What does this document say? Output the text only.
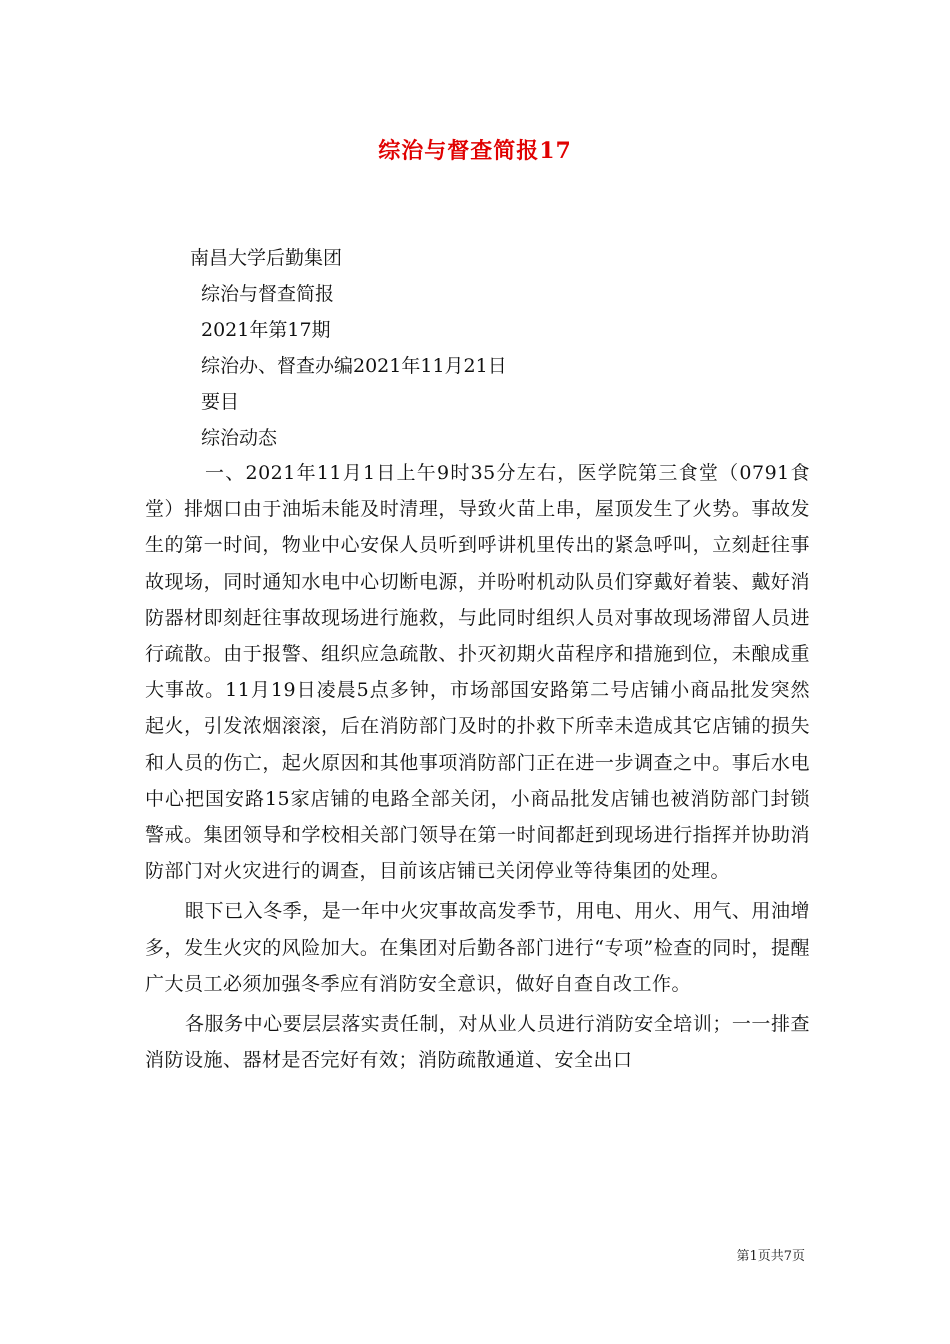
综治与督查简报17
南昌大学后勤集团
综治与督查简报
2021年第17期
综治办、督查办编2021年11月21日
要目
综治动态

一、2021年11月1日上午9时35分左右，医学院第三食堂（0791食堂）排烟口由于油垢未能及时清理，导致火苗上串，屋顶发生了火势。事故发生的第一时间，物业中心安保人员听到呼讲机里传出的紧急呼叫，立刻赶往事故现场，同时通知水电中心切断电源，并吩咐机动队员们穿戴好着装、戴好消防器材即刻赶往事故现场进行施救，与此同时组织人员对事故现场滞留人员进行疏散。由于报警、组织应急疏散、扑灭初期火苗程序和措施到位，未酿成重大事故。11月19日凌晨5点多钟，市场部国安路第二号店铺小商品批发突然起火，引发浓烟滚滚，后在消防部门及时的扑救下所幸未造成其它店铺的损失和人员的伤亡，起火原因和其他事项消防部门正在进一步调查之中。事后水电中心把国安路15家店铺的电路全部关闭，小商品批发店铺也被消防部门封锁警戒。集团领导和学校相关部门领导在第一时间都赶到现场进行指挥并协助消防部门对火灾进行的调查，目前该店铺已关闭停业等待集团的处理。

眼下已入冬季，是一年中火灾事故高发季节，用电、用火、用气、用油增多，发生火灾的风险加大。在集团对后勤各部门进行“专项”检查的同时，提醒广大员工必须加强冬季应有消防安全意识，做好自查自改工作。

各服务中心要层层落实责任制，对从业人员进行消防安全培训；一一排查消防设施、器材是否完好有效；消防疏散通道、安全出口

第1页共7页
